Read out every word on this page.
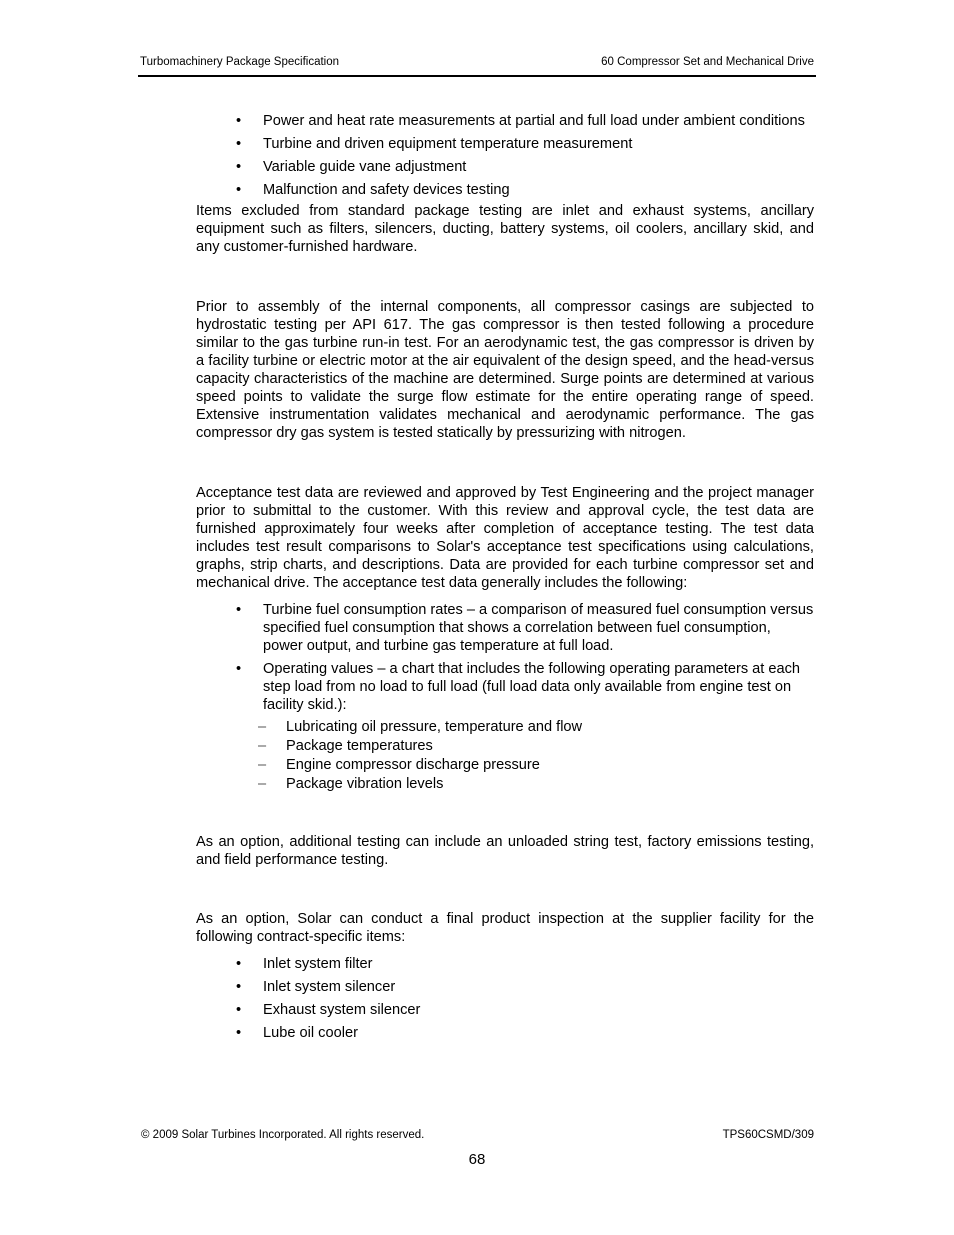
Turbomachinery Package Specification	60 Compressor Set and Mechanical Drive
• Power and heat rate measurements at partial and full load under ambient conditions
• Turbine and driven equipment temperature measurement
• Variable guide vane adjustment
• Malfunction and safety devices testing

Items excluded from standard package testing are inlet and exhaust systems, ancillary equipment such as filters, silencers, ducting, battery systems, oil coolers, ancillary skid, and any customer-furnished hardware.

Prior to assembly of the internal components, all compressor casings are subjected to hydrostatic testing per API 617. The gas compressor is then tested following a procedure similar to the gas turbine run-in test. For an aerodynamic test, the gas compressor is driven by a facility turbine or electric motor at the air equivalent of the design speed, and the head-versus capacity characteristics of the machine are determined. Surge points are determined at various speed points to validate the surge flow estimate for the entire operating range of speed. Extensive instrumentation validates mechanical and aerodynamic performance. The gas compressor dry gas system is tested statically by pressurizing with nitrogen.

Acceptance test data are reviewed and approved by Test Engineering and the project manager prior to submittal to the customer. With this review and approval cycle, the test data are furnished approximately four weeks after completion of acceptance testing. The test data includes test result comparisons to Solar's acceptance test specifications using calculations, graphs, strip charts, and descriptions. Data are provided for each turbine compressor set and mechanical drive. The acceptance test data generally includes the following:

• Turbine fuel consumption rates – a comparison of measured fuel consumption versus specified fuel consumption that shows a correlation between fuel consumption, power output, and turbine gas temperature at full load.
• Operating values – a chart that includes the following operating parameters at each step load from no load to full load (full load data only available from engine test on facility skid.):
– Lubricating oil pressure, temperature and flow
– Package temperatures
– Engine compressor discharge pressure
– Package vibration levels

As an option, additional testing can include an unloaded string test, factory emissions testing, and field performance testing.

As an option, Solar can conduct a final product inspection at the supplier facility for the following contract-specific items:

• Inlet system filter
• Inlet system silencer
• Exhaust system silencer
• Lube oil cooler
© 2009 Solar Turbines Incorporated. All rights reserved.	TPS60CSMD/309
68
